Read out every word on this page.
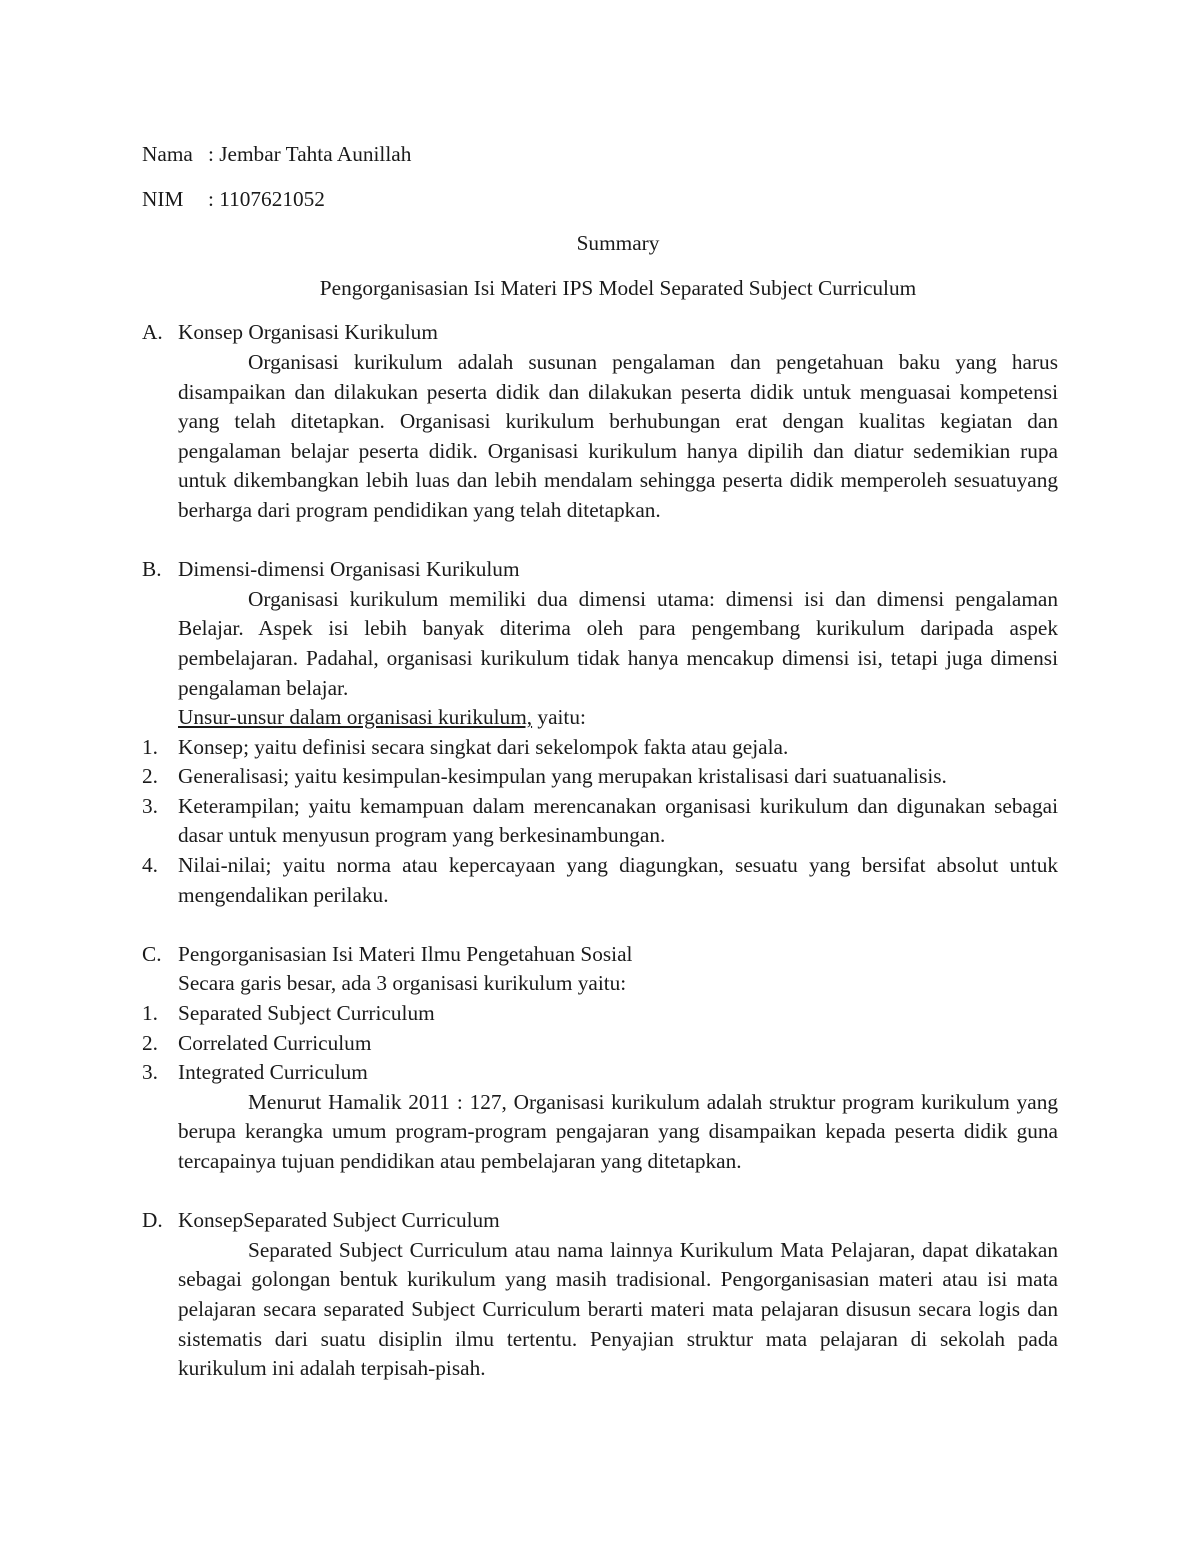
Nama : Jembar Tahta Aunillah
NIM	: 1107621052
Summary
Pengorganisasian Isi Materi IPS Model Separated Subject Curriculum
A. Konsep Organisasi Kurikulum

Organisasi kurikulum adalah susunan pengalaman dan pengetahuan baku yang harus disampaikan dan dilakukan peserta didik dan dilakukan peserta didik untuk menguasai kompetensi yang telah ditetapkan. Organisasi kurikulum berhubungan erat dengan kualitas kegiatan dan pengalaman belajar peserta didik. Organisasi kurikulum hanya dipilih dan diatur sedemikian rupa untuk dikembangkan lebih luas dan lebih mendalam sehingga peserta didik memperoleh sesuatuyang berharga dari program pendidikan yang telah ditetapkan.

B. Dimensi-dimensi Organisasi Kurikulum

Organisasi kurikulum memiliki dua dimensi utama: dimensi isi dan dimensi pengalaman Belajar. Aspek isi lebih banyak diterima oleh para pengembang kurikulum daripada aspek pembelajaran. Padahal, organisasi kurikulum tidak hanya mencakup dimensi isi, tetapi juga dimensi pengalaman belajar.

Unsur-unsur dalam organisasi kurikulum, yaitu:

1. Konsep; yaitu definisi secara singkat dari sekelompok fakta atau gejala.
2. Generalisasi; yaitu kesimpulan-kesimpulan yang merupakan kristalisasi dari suatuanalisis.
3. Keterampilan; yaitu kemampuan dalam merencanakan organisasi kurikulum dan digunakan sebagai dasar untuk menyusun program yang berkesinambungan.
4. Nilai-nilai; yaitu norma atau kepercayaan yang diagungkan, sesuatu yang bersifat absolut untuk mengendalikan perilaku.
C. Pengorganisasian Isi Materi Ilmu Pengetahuan Sosial

Secara garis besar, ada 3 organisasi kurikulum yaitu:

1. Separated Subject Curriculum
2. Correlated Curriculum
3. Integrated Curriculum

Menurut Hamalik 2011 : 127, Organisasi kurikulum adalah struktur program kurikulum yang berupa kerangka umum program-program pengajaran yang disampaikan kepada peserta didik guna tercapainya tujuan pendidikan atau pembelajaran yang ditetapkan.

D. KonsepSeparated Subject Curriculum

Separated Subject Curriculum atau nama lainnya Kurikulum Mata Pelajaran, dapat dikatakan sebagai golongan bentuk kurikulum yang masih tradisional. Pengorganisasian materi atau isi mata pelajaran secara separated Subject Curriculum berarti materi mata pelajaran disusun secara logis dan sistematis dari suatu disiplin ilmu tertentu. Penyajian struktur mata pelajaran di sekolah pada kurikulum ini adalah terpisah-pisah.
